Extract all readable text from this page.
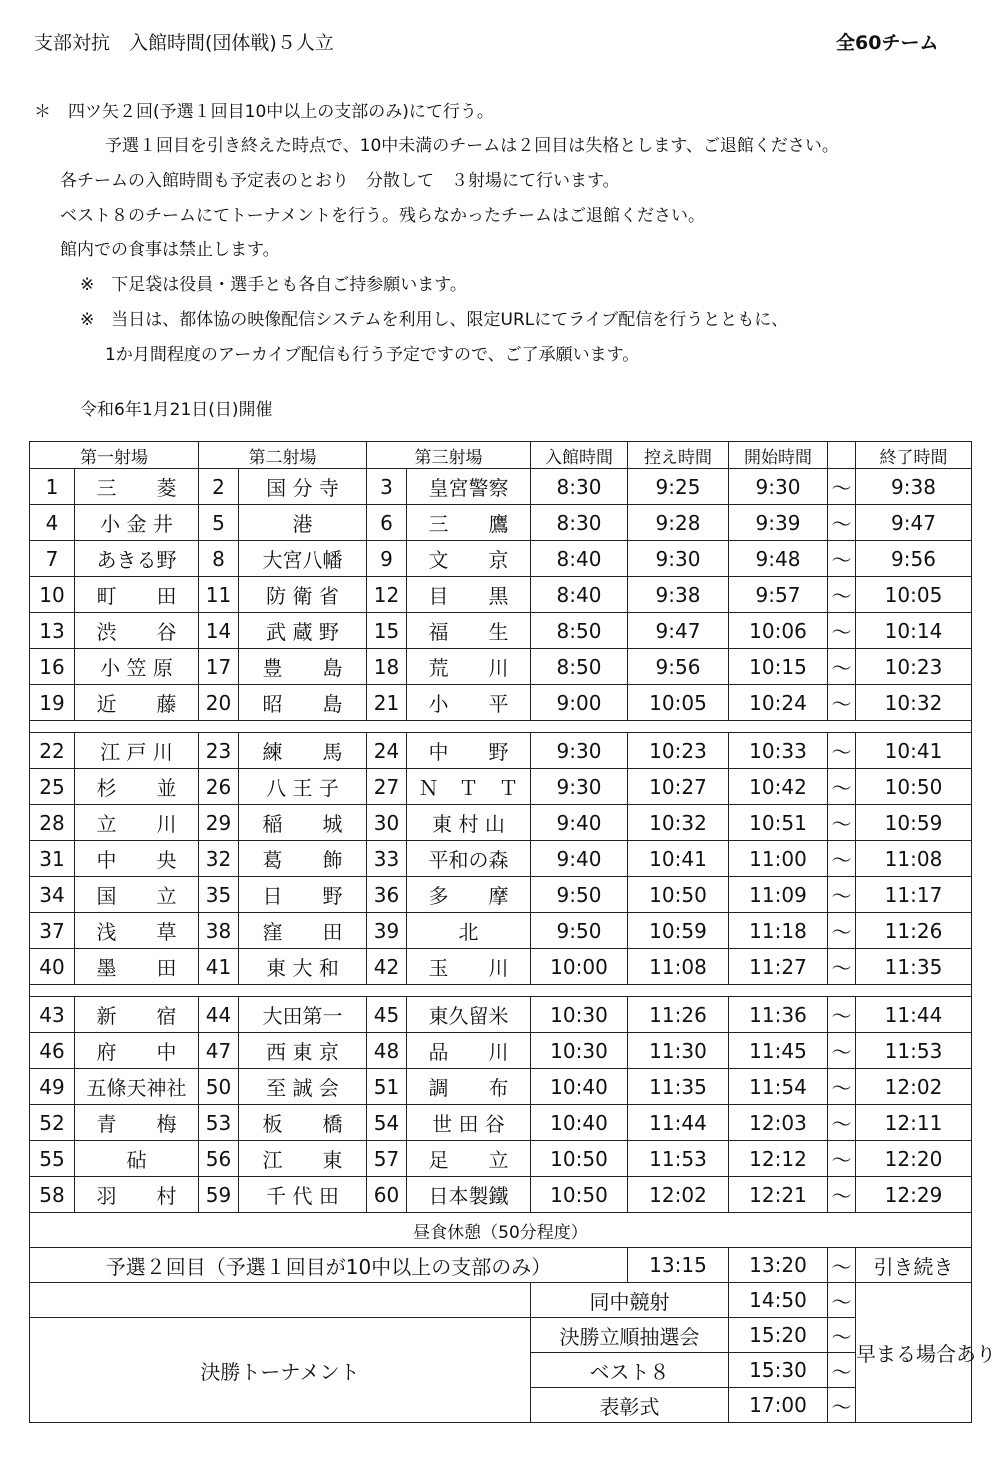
支部対抗　入館時間(団体戦)５人立	全60チーム
＊　四ツ矢２回(予選１回目10中以上の支部のみ)にて行う。
予選１回目を引き終えた時点で、10中未満のチームは２回目は失格とします、ご退館ください。
各チームの入館時間も予定表のとおり　分散して　３射場にて行います。
ベスト８のチームにてトーナメントを行う。残らなかったチームはご退館ください。
館内での食事は禁止します。
※　下足袋は役員・選手とも各自ご持参願います。
※　当日は、都体協の映像配信システムを利用し、限定URLにてライブ配信を行うとともに、
1か月間程度のアーカイブ配信も行う予定ですので、ご了承願います。
令和6年1月21日(日)開催
第一射場		第二射場		第三射場		入館時間	控え時間	開始時間		終了時間
1	三　　菱	2	国 分 寺	3	皇宮警察	8:30	9:25	9:30	～	9:38
4	小 金 井	5	港	6	三　　鷹	8:30	9:28	9:39	～	9:47
7	あきる野	8	大宮八幡	9	文　　京	8:40	9:30	9:48	～	9:56
10	町　　田	11	防 衛 省	12	目　　黒	8:40	9:38	9:57	～	10:05
13	渋　　谷	14	武 蔵 野	15	福　　生	8:50	9:47	10:06	～	10:14
16	小 笠 原	17	豊　　島	18	荒　　川	8:50	9:56	10:15	～	10:23
19	近　　藤	20	昭　　島	21	小　　平	9:00	10:05	10:24	～	10:32

22	江 戸 川	23	練　　馬	24	中　　野	9:30	10:23	10:33	～	10:41
25	杉　　並	26	八 王 子	27	Ｎ　Ｔ　Ｔ	9:30	10:27	10:42	～	10:50
28	立　　川	29	稲　　城	30	東 村 山	9:40	10:32	10:51	～	10:59
31	中　　央	32	葛　　飾	33	平和の森	9:40	10:41	11:00	～	11:08
34	国　　立	35	日　　野	36	多　　摩	9:50	10:50	11:09	～	11:17
37	浅　　草	38	窪　　田	39	北	9:50	10:59	11:18	～	11:26
40	墨　　田	41	東 大 和	42	玉　　川	10:00	11:08	11:27	～	11:35

43	新　　宿	44	大田第一	45	東久留米	10:30	11:26	11:36	～	11:44
46	府　　中	47	西 東 京	48	品　　川	10:30	11:30	11:45	～	11:53
49	五條天神社	50	至 誠 会	51	調　　布	10:40	11:35	11:54	～	12:02
52	青　　梅	53	板　　橋	54	世 田 谷	10:40	11:44	12:03	～	12:11
55	砧	56	江　　東	57	足　　立	10:50	11:53	12:12	～	12:20
58	羽　　村	59	千 代 田	60	日本製鐵	10:50	12:02	12:21	～	12:29
昼食休憩（50分程度）										
予選２回目（予選１回目が10中以上の支部のみ）							13:15	13:20	～	引き続き
						同中競射		14:50	～	早まる場合あり
決勝トーナメント						決勝立順抽選会		15:20	～	
						ベスト８		15:30	～	
						表彰式		17:00	～	
